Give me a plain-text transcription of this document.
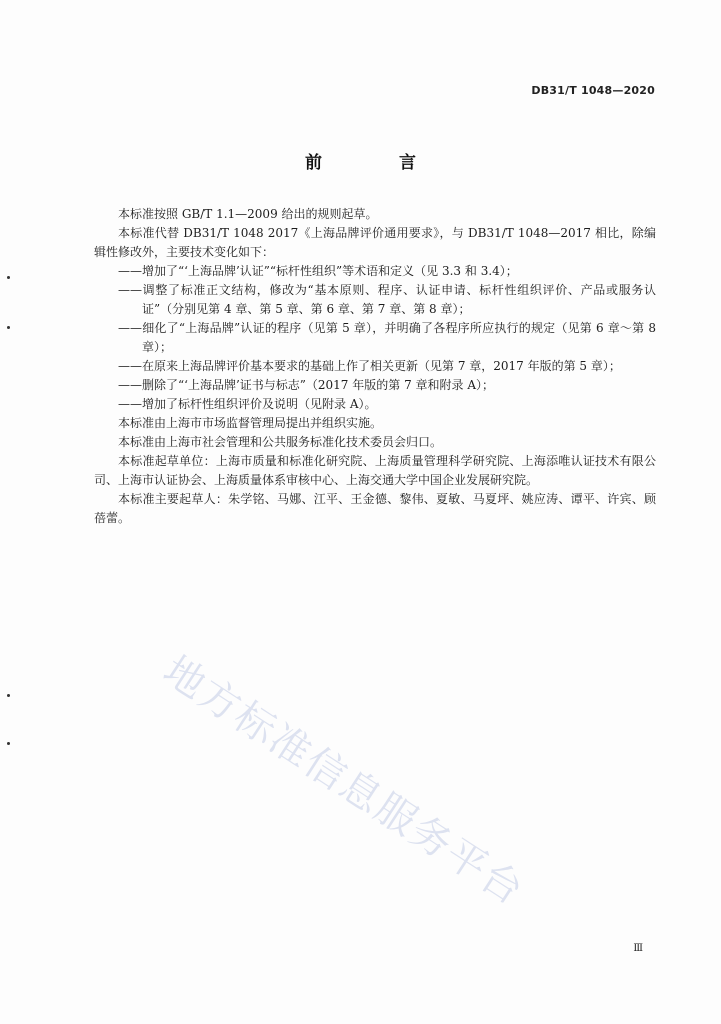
DB31/T 1048—2020
前　言

本标准按照 GB/T 1.1—2009 给出的规则起草。

本标准代替 DB31/T 1048 2017《上海品牌评价通用要求》，与 DB31/T 1048—2017 相比，除编辑性修改外，主要技术变化如下：

——增加了“‘上海品牌’认证”“标杆性组织”等术语和定义（见 3.3 和 3.4）；

——调整了标准正文结构，修改为“基本原则、程序、认证申请、标杆性组织评价、产品或服务认证”（分别见第 4 章、第 5 章、第 6 章、第 7 章、第 8 章）；

——细化了“上海品牌”认证的程序（见第 5 章），并明确了各程序所应执行的规定（见第 6 章～第 8 章）；

——在原来上海品牌评价基本要求的基础上作了相关更新（见第 7 章，2017 年版的第 5 章）；

——删除了“‘上海品牌’证书与标志”（2017 年版的第 7 章和附录 A）；

——增加了标杆性组织评价及说明（见附录 A）。

本标准由上海市市场监督管理局提出并组织实施。

本标准由上海市社会管理和公共服务标准化技术委员会归口。

本标准起草单位：上海市质量和标准化研究院、上海质量管理科学研究院、上海添唯认证技术有限公司、上海市认证协会、上海质量体系审核中心、上海交通大学中国企业发展研究院。

本标准主要起草人：朱学铭、马娜、江平、王金德、黎伟、夏敏、马夏坪、姚应涛、谭平、许宾、顾蓓蕾。

地方标准信息服务平台
Ⅲ
